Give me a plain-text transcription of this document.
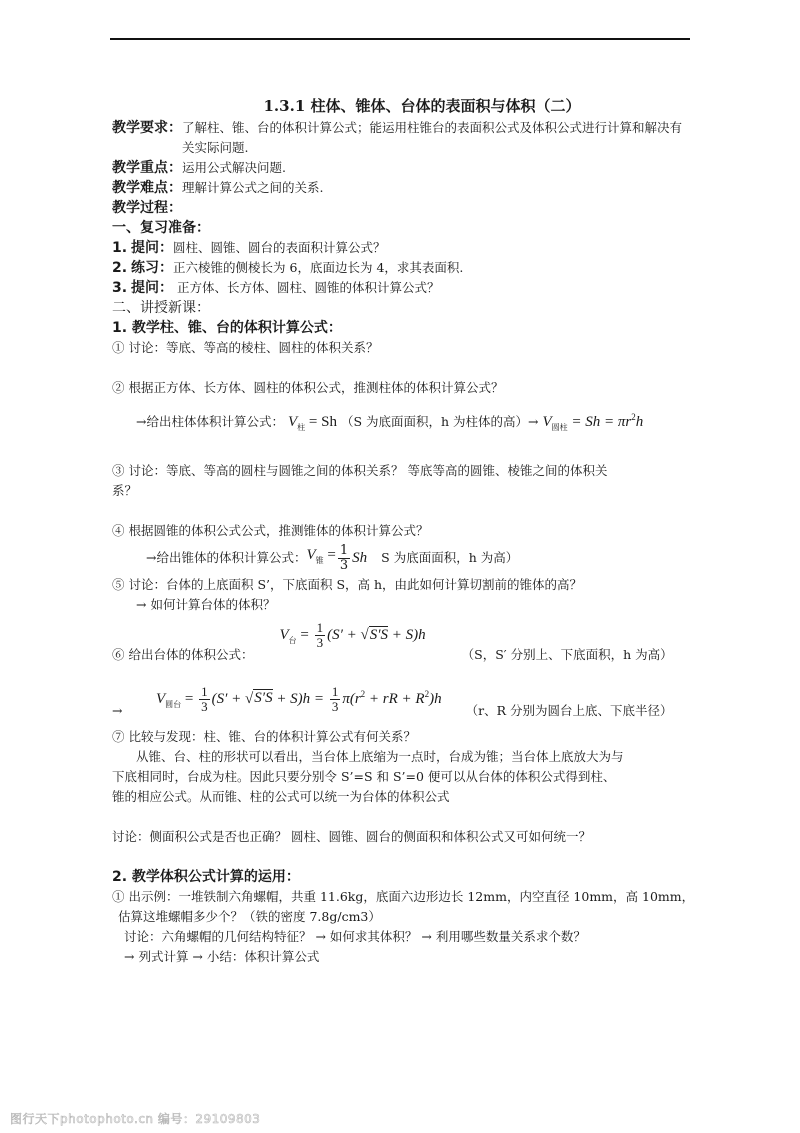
1.3.1 柱体、锥体、台体的表面积与体积（二）
教学要求： 了解柱、锥、台的体积计算公式；能运用柱锥台的表面积公式及体积公式进行计算和解决有关实际问题.
教学重点：运用公式解决问题.
教学难点：理解计算公式之间的关系.
教学过程：
一、复习准备：
1. 提问：圆柱、圆锥、圆台的表面积计算公式？
2. 练习：正六棱锥的侧棱长为 6，底面边长为 4，求其表面积.
3. 提问： 正方体、长方体、圆柱、圆锥的体积计算公式？
二、讲授新课：
1. 教学柱、锥、台的体积计算公式：
① 讨论：等底、等高的棱柱、圆柱的体积关系？
② 根据正方体、长方体、圆柱的体积公式，推测柱体的体积计算公式？
→给出柱体体积计算公式： $V_柱 = Sh$ （S 为底面面积，h 为柱体的高）→ $V_{圆柱} = Sh = \pi r^2h$
③ 讨论：等底、等高的圆柱与圆锥之间的体积关系？ 等底等高的圆锥、棱锥之间的体积关
系？
④ 根据圆锥的体积公式公式，推测锥体的体积计算公式？
→给出锥体的体积计算公式： $V_锥 = \frac{1}{3}$ Sh S 为底面面积，h 为高）
⑤ 讨论：台体的上底面积 S’，下底面积 S，高 h，由此如何计算切割前的锥体的高？
→ 如何计算台体的体积？
⑥ 给出台体的体积公式：
$V_台 = \frac{1}{3} (S' + √S'S + S)h$
（S，S′ 分别上、下底面积，h 为高）
→
$V_{圆台} = \frac{1}{3} (S' + √S'S + S)h = \frac{1}{3} \pi(r^2$ + rR + $R^2)h$
（r、R 分别为圆台上底、下底半径）
⑦ 比较与发现：柱、锥、台的体积计算公式有何关系？
从锥、台、柱的形状可以看出，当台体上底缩为一点时，台成为锥；当台体上底放大为与
下底相同时，台成为柱。因此只要分别令 S’=S 和 S’=0 便可以从台体的体积公式得到柱、
锥的相应公式。从而锥、柱的公式可以统一为台体的体积公式
讨论：侧面积公式是否也正确？ 圆柱、圆锥、圆台的侧面积和体积公式又可如何统一？
2. 教学体积公式计算的运用：
① 出示例：一堆铁制六角螺帽，共重 11.6kg，底面六边形边长 12mm，内空直径 10mm，高 10mm，
估算这堆螺帽多少个？（铁的密度 7.8g/cm3）
讨论：六角螺帽的几何结构特征？ → 如何求其体积？ → 利用哪些数量关系求个数？
→ 列式计算 → 小结：体积计算公式
图行天下photophoto.cn 编号：29109803
